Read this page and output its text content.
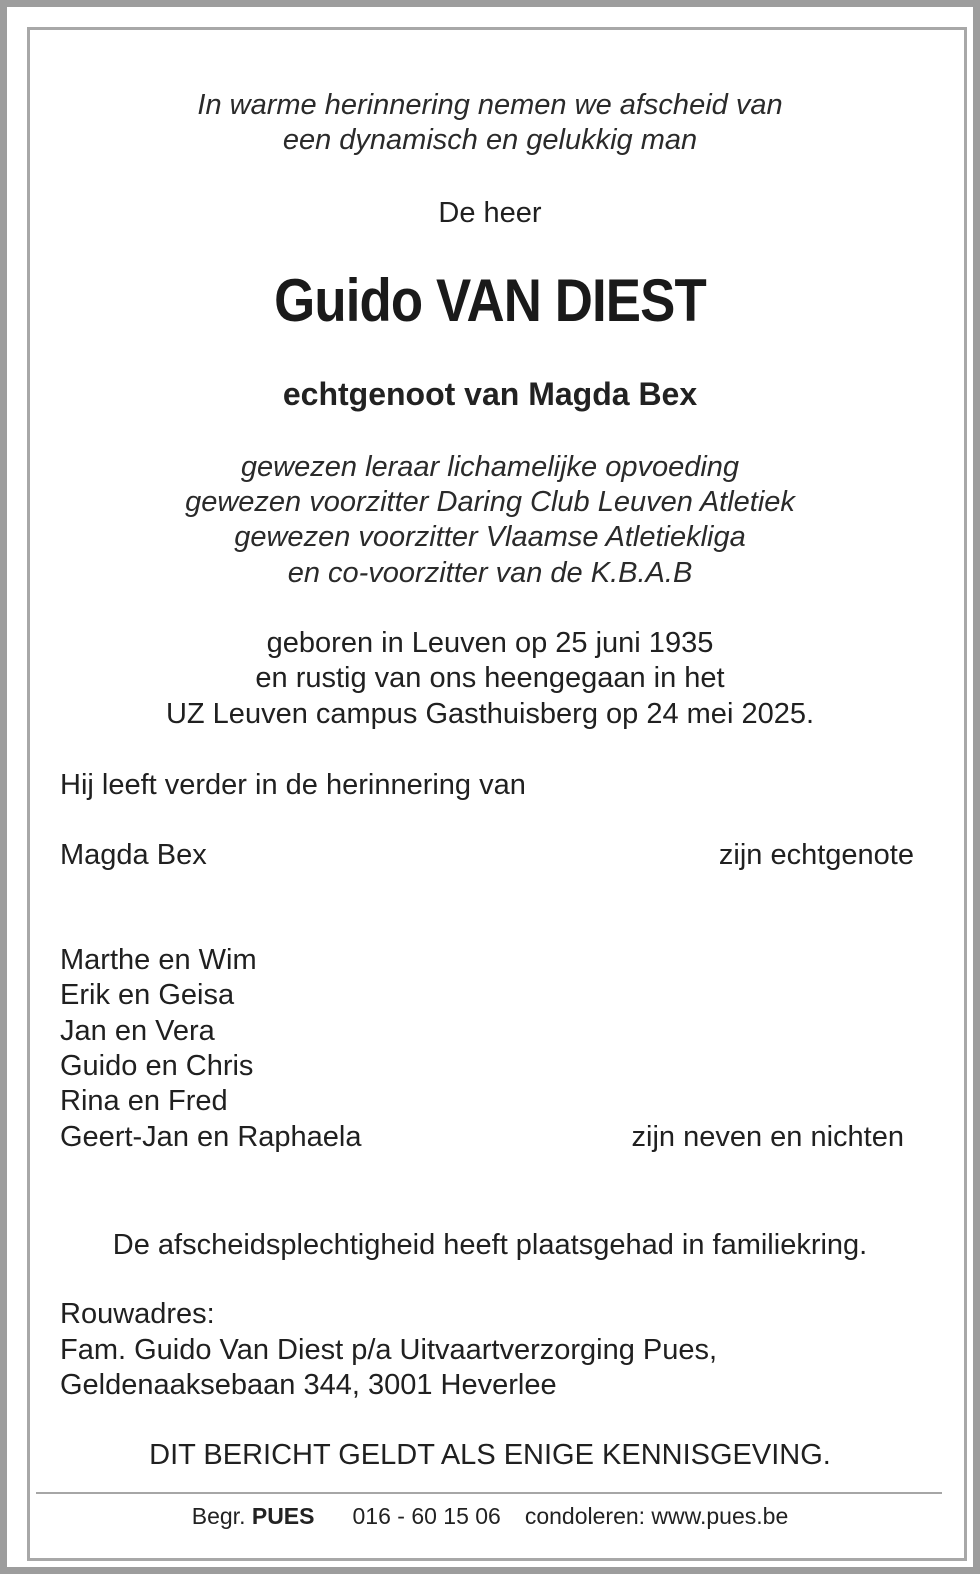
In warme herinnering nemen we afscheid van

een dynamisch en gelukkig man

De heer

Guido VAN DIEST

echtgenoot van Magda Bex

gewezen leraar lichamelijke opvoeding

gewezen voorzitter Daring Club Leuven Atletiek

gewezen voorzitter Vlaamse Atletiekliga

en co-voorzitter van de K.B.A.B

geboren in Leuven op 25 juni 1935

en rustig van ons heengegaan in het

UZ Leuven campus Gasthuisberg op 24 mei 2025.

Hij leeft verder in de herinnering van

Magda Bex	zijn echtgenote

Marthe en Wim

Erik en Geisa

Jan en Vera

Guido en Chris

Rina en Fred

Geert-Jan en Raphaela	zijn neven en nichten

De afscheidsplechtigheid heeft plaatsgehad in familiekring.

Rouwadres:

Fam. Guido Van Diest p/a Uitvaartverzorging Pues,

Geldenaaksebaan 344, 3001 Heverlee

DIT BERICHT GELDT ALS ENIGE KENNISGEVING.

Begr. PUES 016 - 60 15 06 condoleren: www.pues.be
